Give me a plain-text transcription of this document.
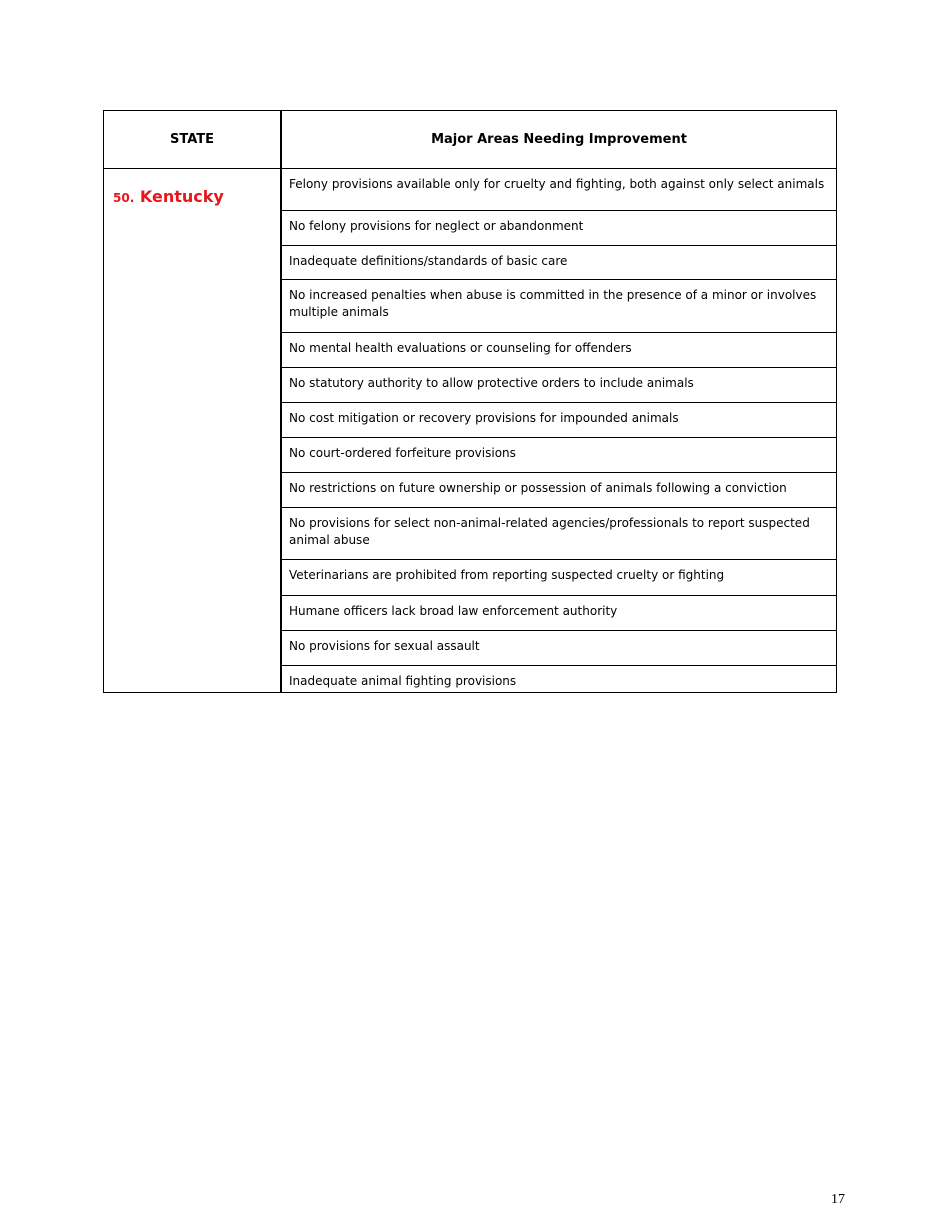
STATE	Major Areas Needing Improvement
50. Kentucky
Felony provisions available only for cruelty and fighting, both against only select animals
No felony provisions for neglect or abandonment
Inadequate definitions/standards of basic care
No increased penalties when abuse is committed in the presence of a minor or involves multiple animals
No mental health evaluations or counseling for offenders
No statutory authority to allow protective orders to include animals
No cost mitigation or recovery provisions for impounded animals
No court-ordered forfeiture provisions
No restrictions on future ownership or possession of animals following a conviction
No provisions for select non-animal-related agencies/professionals to report suspected animal abuse
Veterinarians are prohibited from reporting suspected cruelty or fighting
Humane officers lack broad law enforcement authority
No provisions for sexual assault
Inadequate animal fighting provisions
17
